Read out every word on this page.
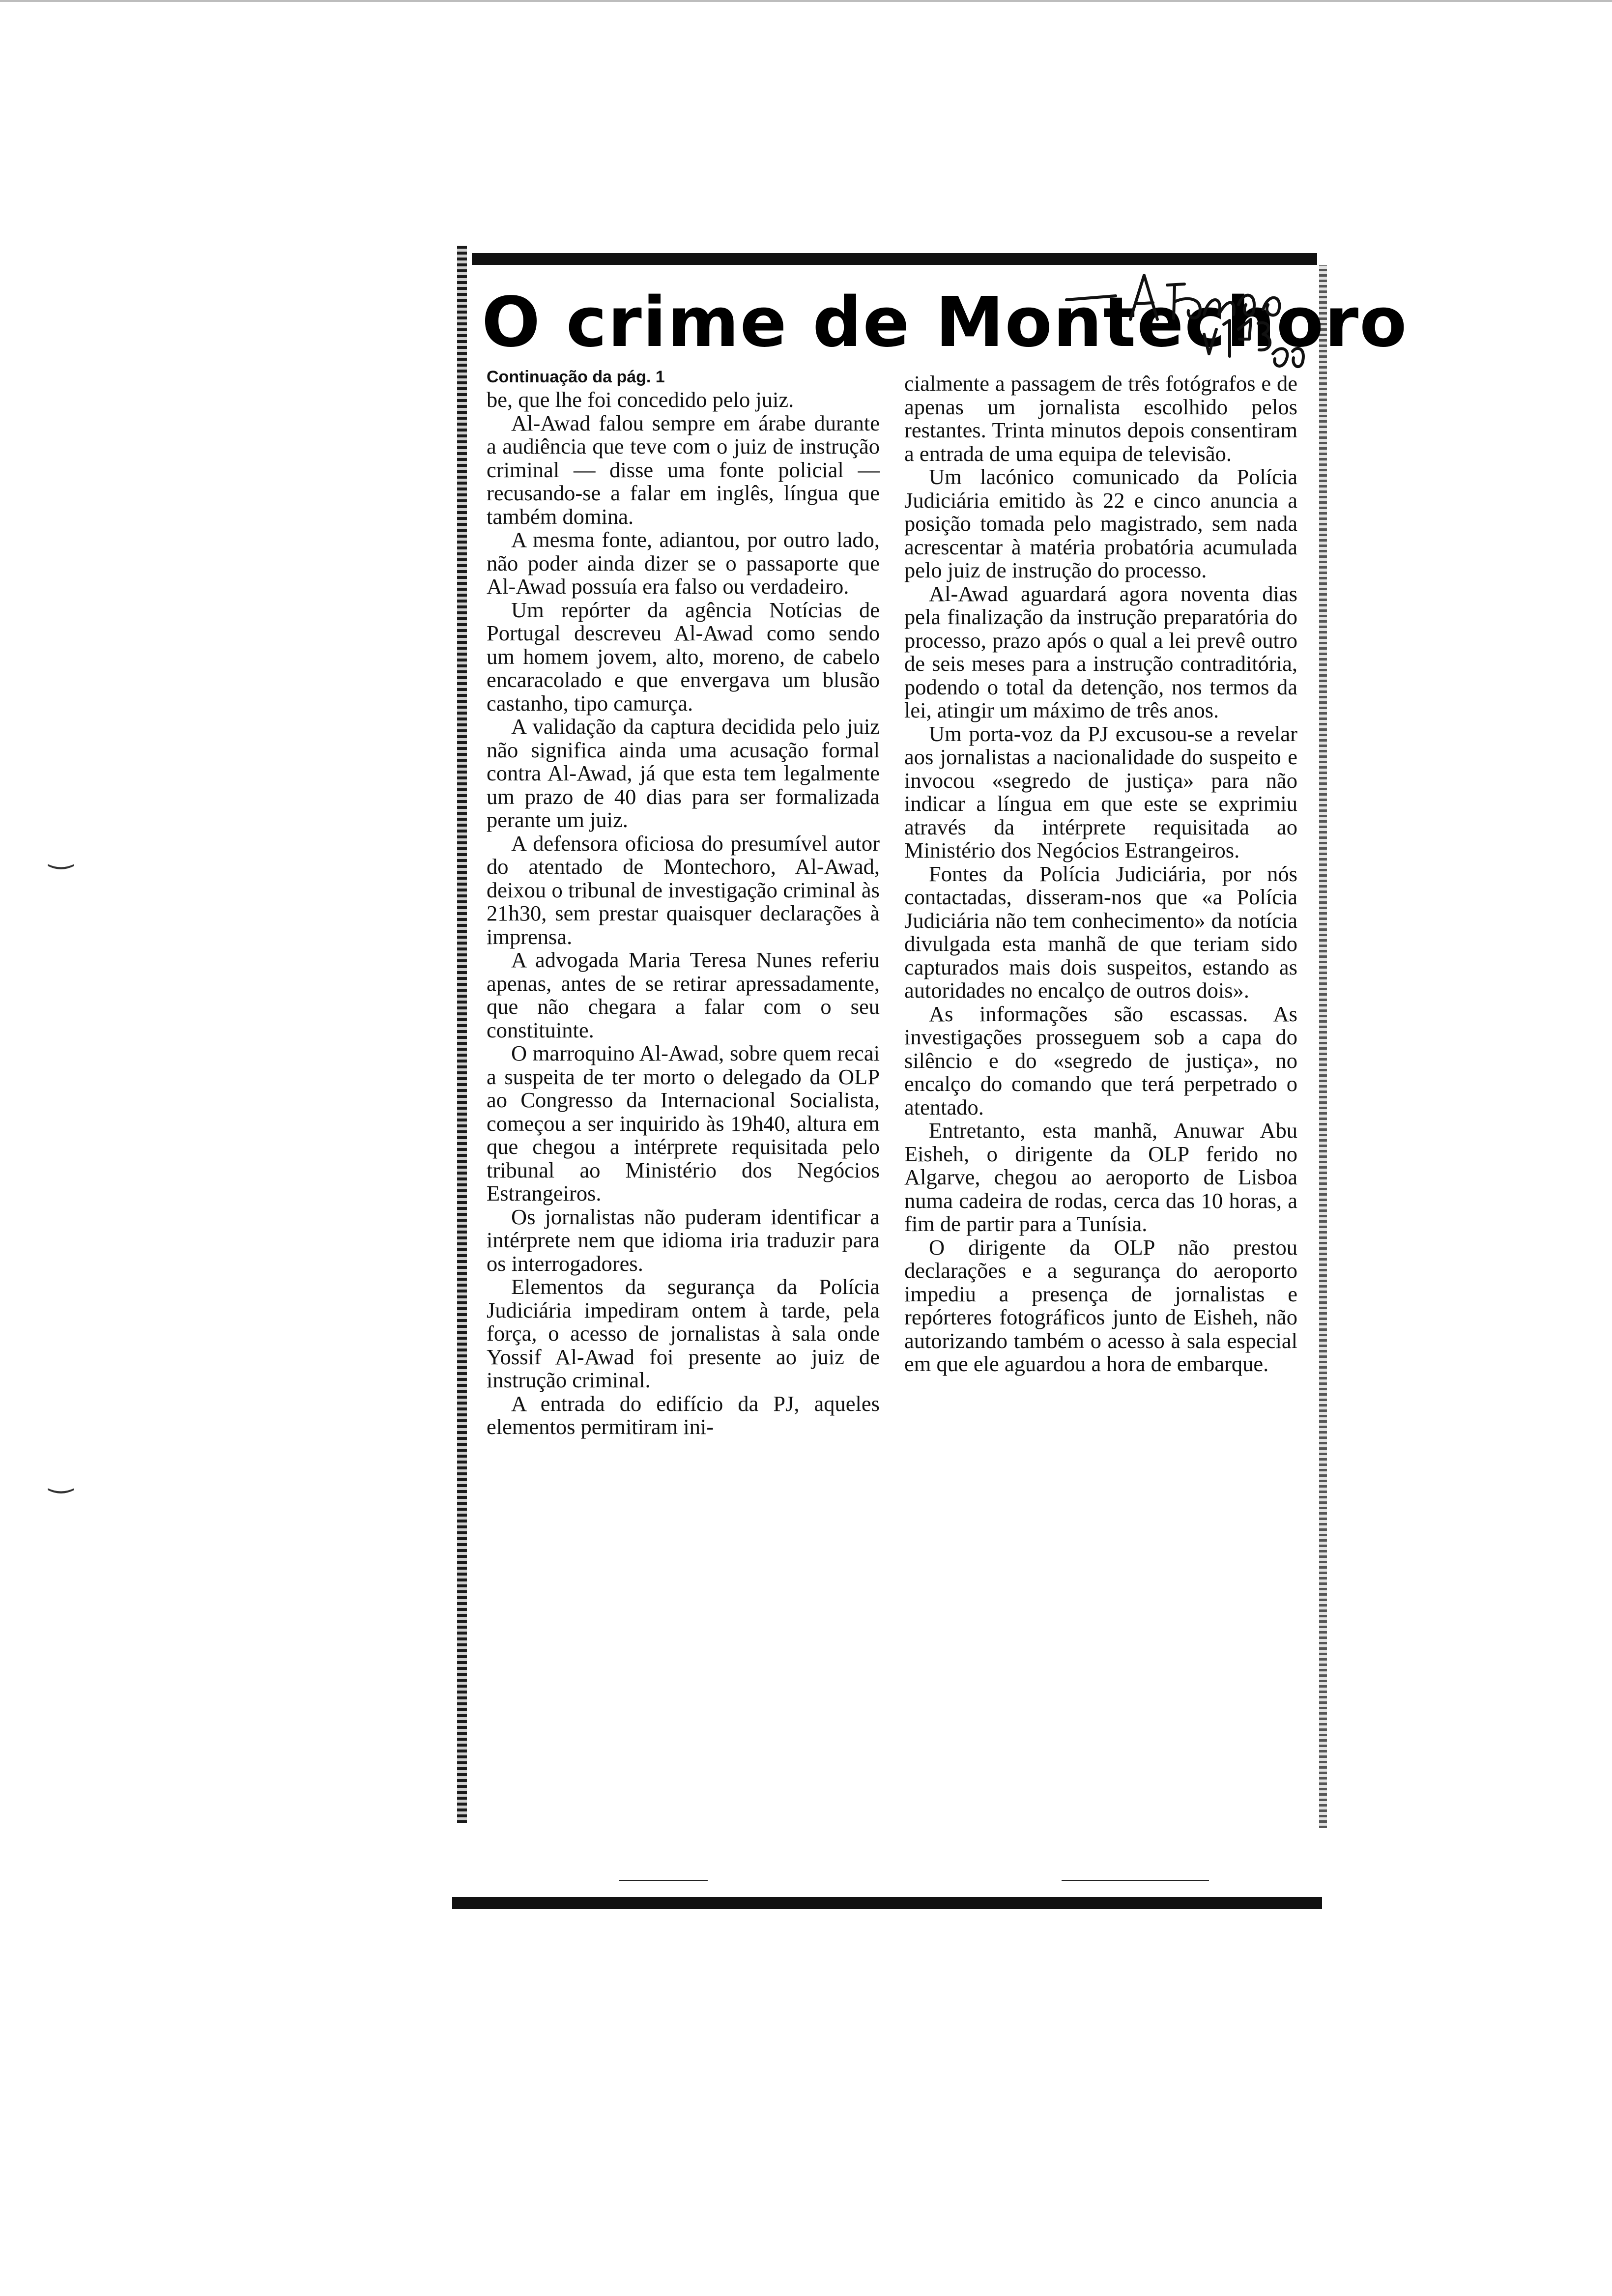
‿
‿
O crime de Montechoro

Continuação da pág. 1

be, que lhe foi concedido pelo juiz.

Al-Awad falou sempre em árabe durante a audiência que teve com o juiz de instrução criminal — disse uma fonte policial — recusando-se a falar em inglês, língua que também domina.

A mesma fonte, adiantou, por outro lado, não poder ainda dizer se o passaporte que Al-Awad possuía era falso ou verdadeiro.

Um repórter da agência Notícias de Portugal descreveu Al-Awad como sendo um homem jovem, alto, moreno, de cabelo encaracolado e que envergava um blusão castanho, tipo camurça.

A validação da captura decidida pelo juiz não significa ainda uma acusação formal contra Al-Awad, já que esta tem legalmente um prazo de 40 dias para ser formalizada perante um juiz.

A defensora oficiosa do presumível autor do atentado de Montechoro, Al-Awad, deixou o tribunal de investigação criminal às 21h30, sem prestar quaisquer declarações à imprensa.

A advogada Maria Teresa Nunes referiu apenas, antes de se retirar apressadamente, que não chegara a falar com o seu constituinte.

O marroquino Al-Awad, sobre quem recai a suspeita de ter morto o delegado da OLP ao Congresso da Internacional Socialista, começou a ser inquirido às 19h40, altura em que chegou a intérprete requisitada pelo tribunal ao Ministério dos Negócios Estrangeiros.

Os jornalistas não puderam identificar a intérprete nem que idioma iria traduzir para os interrogadores.

Elementos da segurança da Polícia Judiciária impediram ontem à tarde, pela força, o acesso de jornalistas à sala onde Yossif Al-Awad foi presente ao juiz de instrução criminal.

A entrada do edifício da PJ, aqueles elementos permitiram ini-

cialmente a passagem de três fotógrafos e de apenas um jornalista escolhido pelos restantes. Trinta minutos depois consentiram a entrada de uma equipa de televisão.

Um lacónico comunicado da Polícia Judiciária emitido às 22 e cinco anuncia a posição tomada pelo magistrado, sem nada acrescentar à matéria probatória acumulada pelo juiz de instrução do processo.

Al-Awad aguardará agora noventa dias pela finalização da instrução preparatória do processo, prazo após o qual a lei prevê outro de seis meses para a instrução contraditória, podendo o total da detenção, nos termos da lei, atingir um máximo de três anos.

Um porta-voz da PJ excusou-se a revelar aos jornalistas a nacionalidade do suspeito e invocou «segredo de justiça» para não indicar a língua em que este se exprimiu através da intérprete requisitada ao Ministério dos Negócios Estrangeiros.

Fontes da Polícia Judiciária, por nós contactadas, disseram-nos que «a Polícia Judiciária não tem conhecimento» da notícia divulgada esta manhã de que teriam sido capturados mais dois suspeitos, estando as autoridades no encalço de outros dois».

As informações são escassas. As investigações prosseguem sob a capa do silêncio e do «segredo de justiça», no encalço do comando que terá perpetrado o atentado.

Entretanto, esta manhã, Anuwar Abu Eisheh, o dirigente da OLP ferido no Algarve, chegou ao aeroporto de Lisboa numa cadeira de rodas, cerca das 10 horas, a fim de partir para a Tunísia.

O dirigente da OLP não prestou declarações e a segurança do aeroporto impediu a presença de jornalistas e repórteres fotográficos junto de Eisheh, não autorizando também o acesso à sala especial em que ele aguardou a hora de embarque.
